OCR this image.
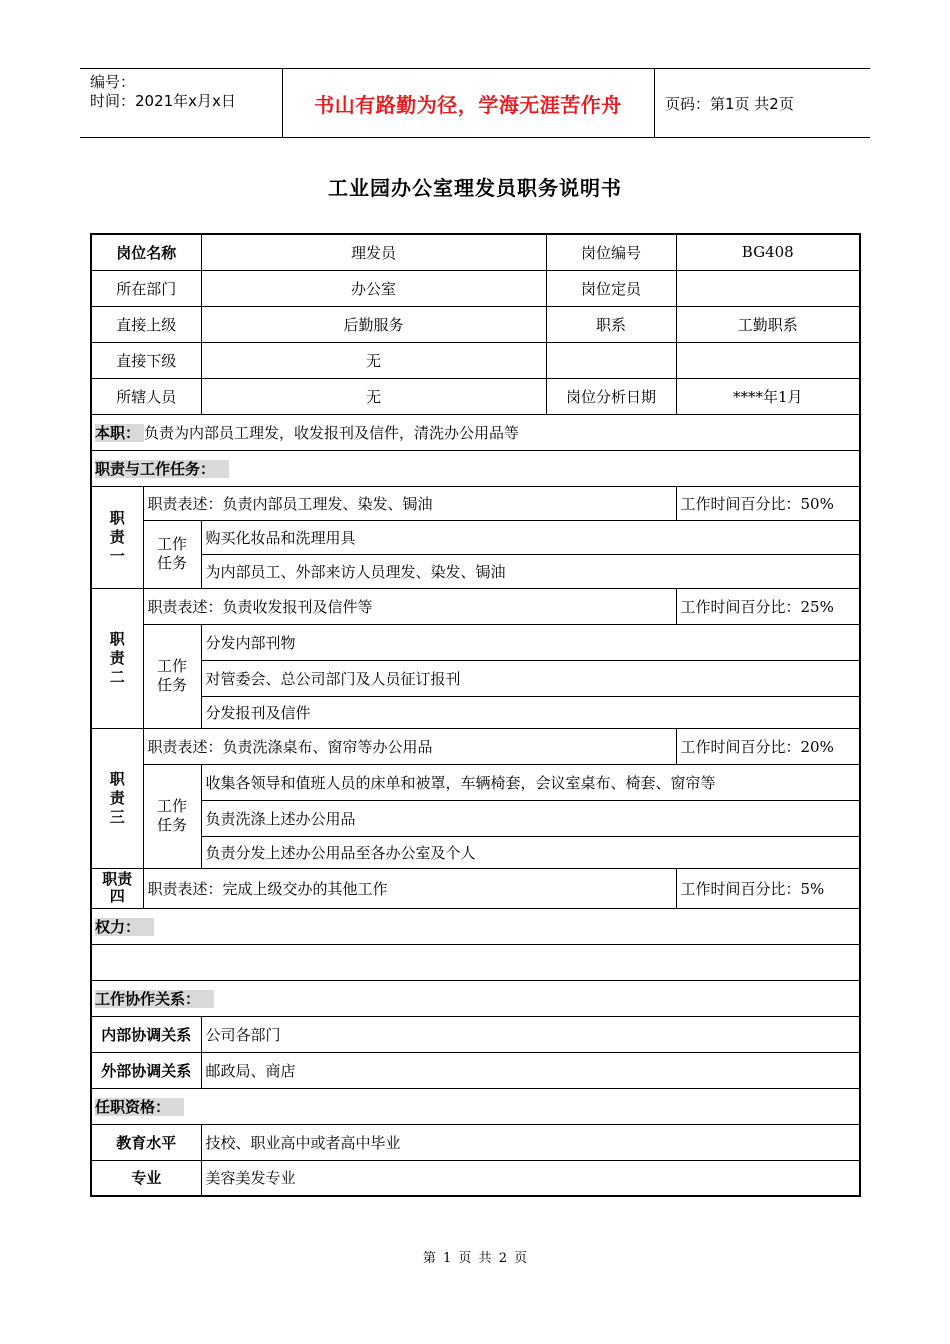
编号：
时间：2021年x月x日	书山有路勤为径，学海无涯苦作舟	页码：第1页 共2页
工业园办公室理发员职务说明书
岗位名称		理发员	岗位编号	BG408
所在部门		办公室	岗位定员	
直接上级		后勤服务	职系	工勤职系
直接下级		无		
所辖人员		无	岗位分析日期	****年1月
本职： 负责为内部员工理发，收发报刊及信件，清洗办公用品等				
职责与工作任务：				
职责一	职责表述：负责内部员工理发、染发、锔油			工作时间百分比：50%
	工作任务	购买化妆品和洗理用具		
		为内部员工、外部来访人员理发、染发、锔油		
职责二	职责表述：负责收发报刊及信件等			工作时间百分比：25%
	工作任务	分发内部刊物		
		对管委会、总公司部门及人员征订报刊		
		分发报刊及信件		
职责三	职责表述：负责洗涤桌布、窗帘等办公用品			工作时间百分比：20%
	工作任务	收集各领导和值班人员的床单和被罩，车辆椅套，会议室桌布、椅套、窗帘等		
		负责洗涤上述办公用品		
		负责分发上述办公用品至各办公室及个人		
职责四	职责表述：完成上级交办的其他工作			工作时间百分比：5%
权力：				

工作协作关系：				
内部协调关系		公司各部门		
外部协调关系		邮政局、商店		
任职资格：				
教育水平		技校、职业高中或者高中毕业		
专业		美容美发专业		
第 1 页 共 2 页
